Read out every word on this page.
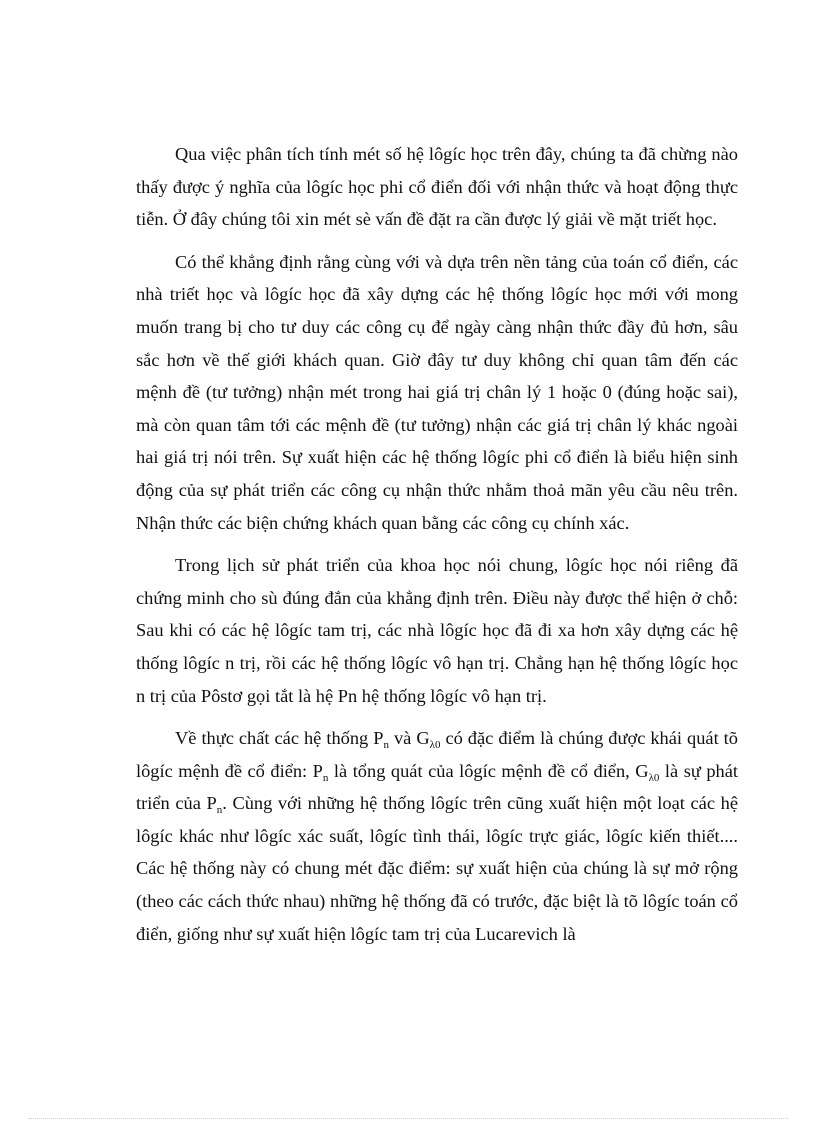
Qua việc phân tích tính mét số hệ lôgíc học trên đây, chúng ta đã chừng nào thấy được ý nghĩa của lôgíc học phi cổ điển đối với nhận thức và hoạt động thực tiễn. Ở đây chúng tôi xin mét sè vấn đề đặt ra cần được lý giải về mặt triết học.

Có thể khẳng định rằng cùng với và dựa trên nền tảng của toán cổ điển, các nhà triết học và lôgíc học đã xây dựng các hệ thống lôgíc học mới với mong muốn trang bị cho tư duy các công cụ để ngày càng nhận thức đầy đủ hơn, sâu sắc hơn về thế giới khách quan. Giờ đây tư duy không chỉ quan tâm đến các mệnh đề (tư tưởng) nhận mét trong hai giá trị chân lý 1 hoặc 0 (đúng hoặc sai), mà còn quan tâm tới các mệnh đề (tư tưởng) nhận các giá trị chân lý khác ngoài hai giá trị nói trên. Sự xuất hiện các hệ thống lôgíc phi cổ điển là biểu hiện sinh động của sự phát triển các công cụ nhận thức nhằm thoả mãn yêu cầu nêu trên. Nhận thức các biện chứng khách quan bằng các công cụ chính xác.

Trong lịch sử phát triển của khoa học nói chung, lôgíc học nói riêng đã chứng minh cho sù đúng đắn của khẳng định trên. Điều này được thể hiện ở chỗ: Sau khi có các hệ lôgíc tam trị, các nhà lôgíc học đã đi xa hơn xây dựng các hệ thống lôgíc n trị, rồi các hệ thống lôgíc vô hạn trị. Chẳng hạn hệ thống lôgíc học n trị của Pôstơ gọi tắt là hệ Pn hệ thống lôgíc vô hạn trị.

Về thực chất các hệ thống $P_n$ và $G_{\lambda 0}$ có đặc điểm là chúng được khái quát tõ lôgíc mệnh đề cổ điển: $P_n$ là tổng quát của lôgíc mệnh đề cổ điển, $G_{\lambda 0}$ là sự phát triển của $P_n$. Cùng với những hệ thống lôgíc trên cũng xuất hiện một loạt các hệ lôgíc khác như lôgíc xác suất, lôgíc tình thái, lôgíc trực giác, lôgíc kiến thiết.... Các hệ thống này có chung mét đặc điểm: sự xuất hiện của chúng là sự mở rộng (theo các cách thức nhau) những hệ thống đã có trước, đặc biệt là tõ lôgíc toán cổ điển, giống như sự xuất hiện lôgíc tam trị của Lucarevich là
